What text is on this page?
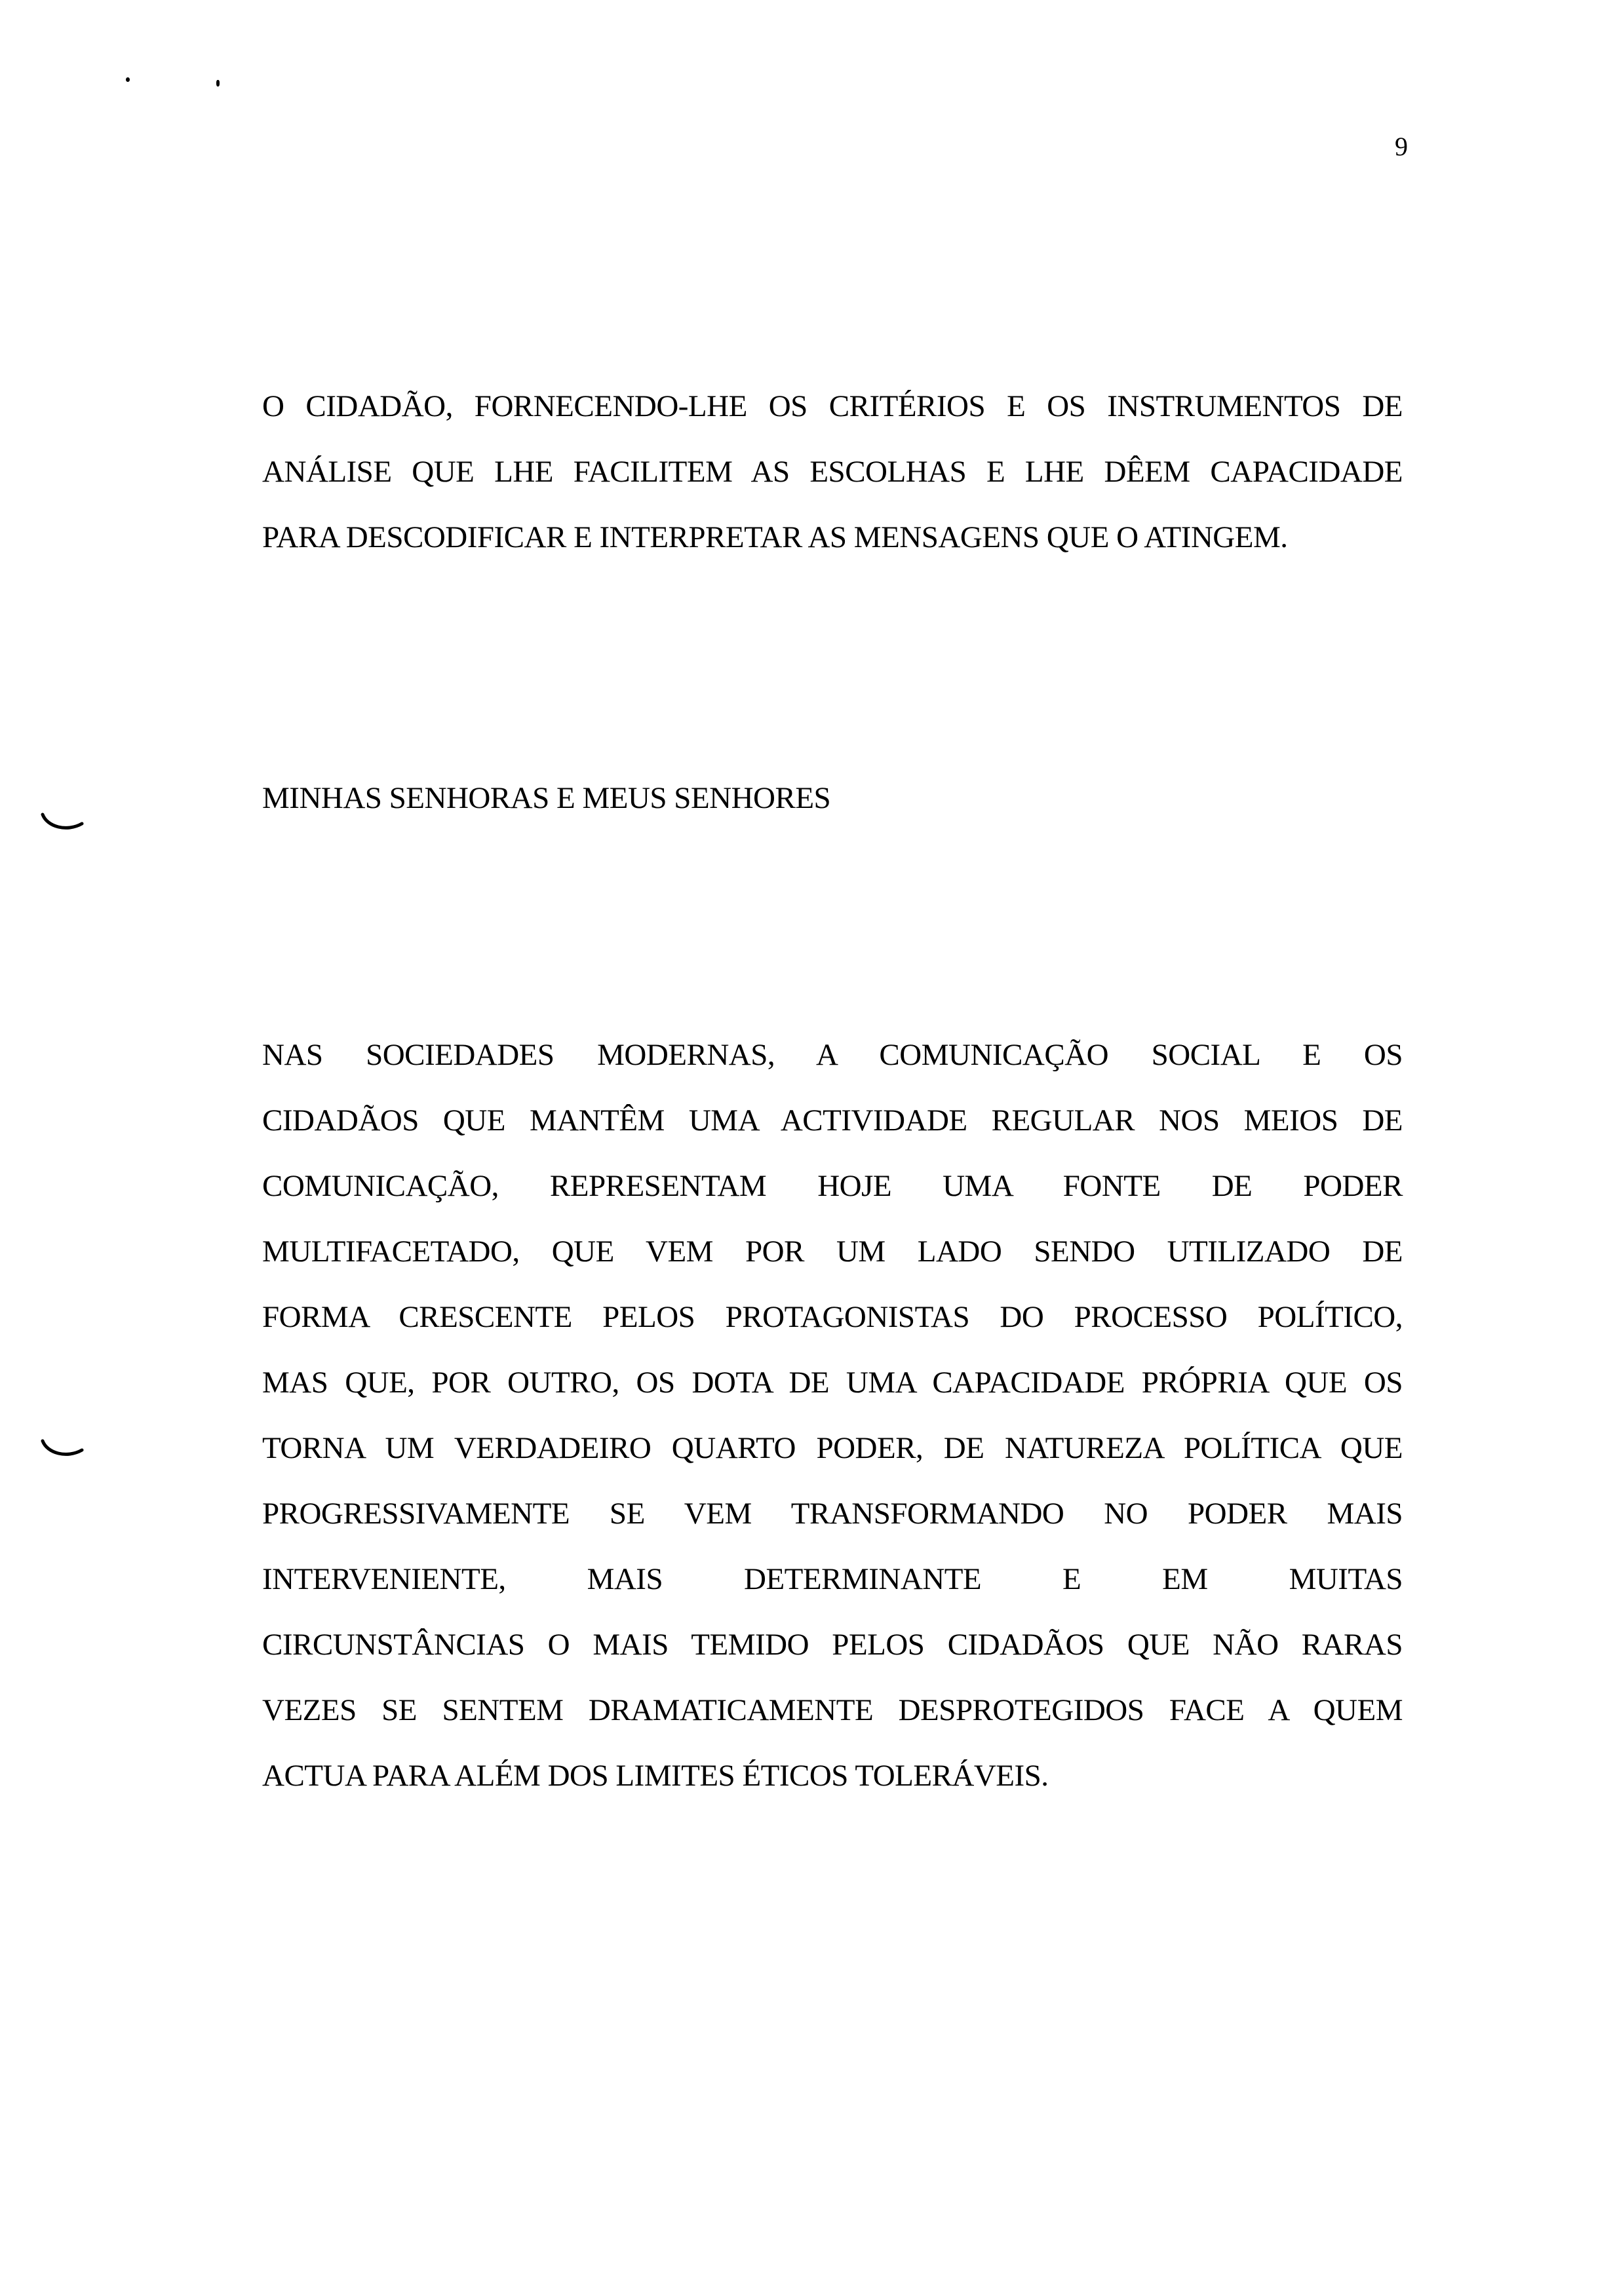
9
O CIDADÃO, FORNECENDO-LHE OS CRITÉRIOS E OS INSTRUMENTOS DE
ANÁLISE QUE LHE FACILITEM AS ESCOLHAS E LHE DÊEM CAPACIDADE
PARA DESCODIFICAR E INTERPRETAR AS MENSAGENS QUE O ATINGEM.
MINHAS SENHORAS E MEUS SENHORES
NAS SOCIEDADES MODERNAS, A COMUNICAÇÃO SOCIAL E OS
CIDADÃOS QUE MANTÊM UMA ACTIVIDADE REGULAR NOS MEIOS DE
COMUNICAÇÃO, REPRESENTAM HOJE UMA FONTE DE PODER
MULTIFACETADO, QUE VEM POR UM LADO SENDO UTILIZADO DE
FORMA CRESCENTE PELOS PROTAGONISTAS DO PROCESSO POLÍTICO,
MAS QUE, POR OUTRO, OS DOTA DE UMA CAPACIDADE PRÓPRIA QUE OS
TORNA UM VERDADEIRO QUARTO PODER, DE NATUREZA POLÍTICA QUE
PROGRESSIVAMENTE SE VEM TRANSFORMANDO NO PODER MAIS
INTERVENIENTE, MAIS DETERMINANTE E EM MUITAS
CIRCUNSTÂNCIAS O MAIS TEMIDO PELOS CIDADÃOS QUE NÃO RARAS
VEZES SE SENTEM DRAMATICAMENTE DESPROTEGIDOS FACE A QUEM
ACTUA PARA ALÉM DOS LIMITES ÉTICOS TOLERÁVEIS.
